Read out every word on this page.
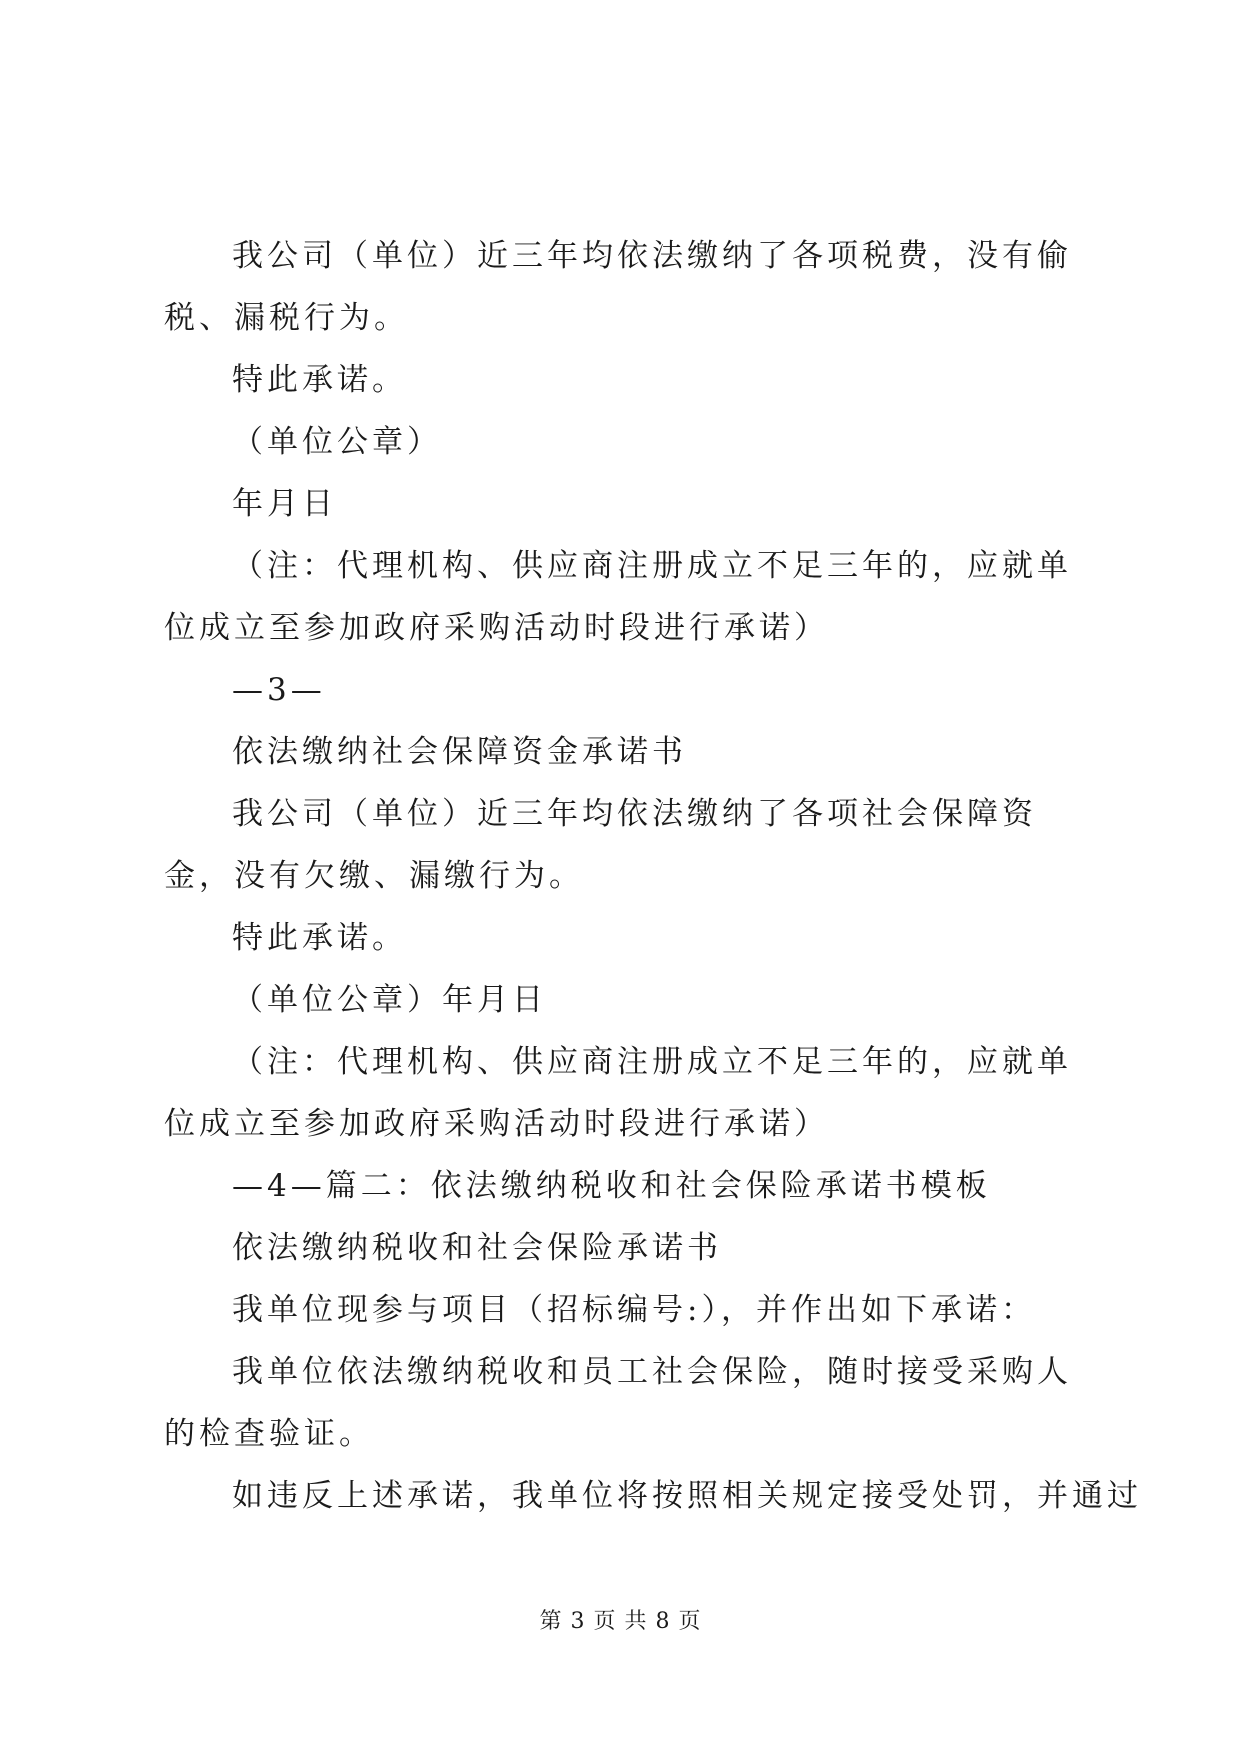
我公司（单位）近三年均依法缴纳了各项税费，没有偷税、漏税行为。

特此承诺。

（单位公章）

年月日

（注：代理机构、供应商注册成立不足三年的，应就单位成立至参加政府采购活动时段进行承诺）

—3—

依法缴纳社会保障资金承诺书

我公司（单位）近三年均依法缴纳了各项社会保障资金，没有欠缴、漏缴行为。

特此承诺。

（单位公章）年月日

（注：代理机构、供应商注册成立不足三年的，应就单位成立至参加政府采购活动时段进行承诺）

—4—篇二：依法缴纳税收和社会保险承诺书模板

依法缴纳税收和社会保险承诺书

我单位现参与项目（招标编号:），并作出如下承诺：

我单位依法缴纳税收和员工社会保险，随时接受采购人的检查验证。

如违反上述承诺，我单位将按照相关规定接受处罚，并通过

第 3 页 共 8 页
